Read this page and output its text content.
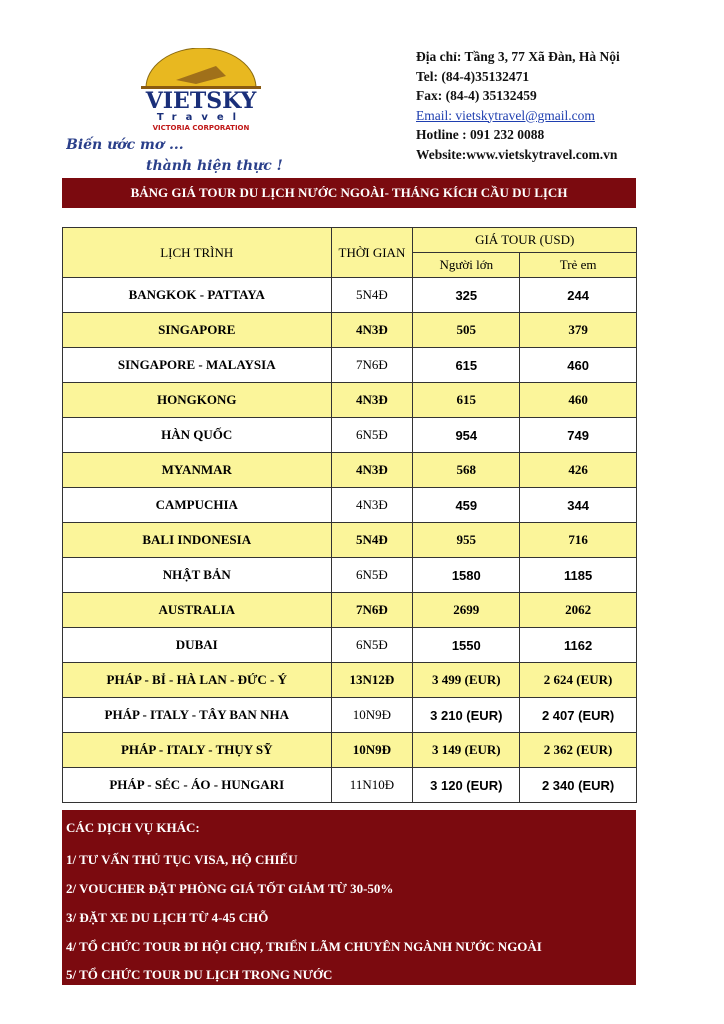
VIETSKY
Travel
VICTORIA CORPORATION
Biến ước mơ ...
thành hiện thực !
Địa chỉ: Tầng 3, 77 Xã Đàn, Hà Nội
Tel: (84-4)35132471
Fax: (84-4) 35132459
Email: vietskytravel@gmail.com
Hotline : 091 232 0088
Website:www.vietskytravel.com.vn
BẢNG GIÁ TOUR DU LỊCH NƯỚC NGOÀI- THÁNG KÍCH CẦU DU LỊCH
LỊCH TRÌNH	THỜI GIAN	GIÁ TOUR (USD)	
		Người lớn	Trẻ em
BANGKOK - PATTAYA	5N4Đ	325	244
SINGAPORE	4N3Đ	505	379
SINGAPORE - MALAYSIA	7N6Đ	615	460
HONGKONG	4N3Đ	615	460
HÀN QUỐC	6N5Đ	954	749
MYANMAR	4N3Đ	568	426
CAMPUCHIA	4N3Đ	459	344
BALI INDONESIA	5N4Đ	955	716
NHẬT BẢN	6N5Đ	1580	1185
AUSTRALIA	7N6Đ	2699	2062
DUBAI	6N5Đ	1550	1162
PHÁP - BỈ - HÀ LAN - ĐỨC - Ý	13N12Đ	3 499 (EUR)	2 624 (EUR)
PHÁP - ITALY - TÂY BAN NHA	10N9Đ	3 210 (EUR)	2 407 (EUR)
PHÁP - ITALY - THỤY SỸ	10N9Đ	3 149 (EUR)	2 362 (EUR)
PHÁP - SÉC - ÁO - HUNGARI	11N10Đ	3 120 (EUR)	2 340 (EUR)
CÁC DỊCH VỤ KHÁC:
1/ TƯ VẤN THỦ TỤC VISA, HỘ CHIẾU
2/ VOUCHER ĐẶT PHÒNG GIÁ TỐT GIẢM TỪ 30-50%
3/ ĐẶT XE DU LỊCH TỪ 4-45 CHỖ
4/ TỔ CHỨC TOUR ĐI HỘI CHỢ, TRIỂN LÃM CHUYÊN NGÀNH NƯỚC NGOÀI
5/ TỔ CHỨC TOUR DU LỊCH TRONG NƯỚC
